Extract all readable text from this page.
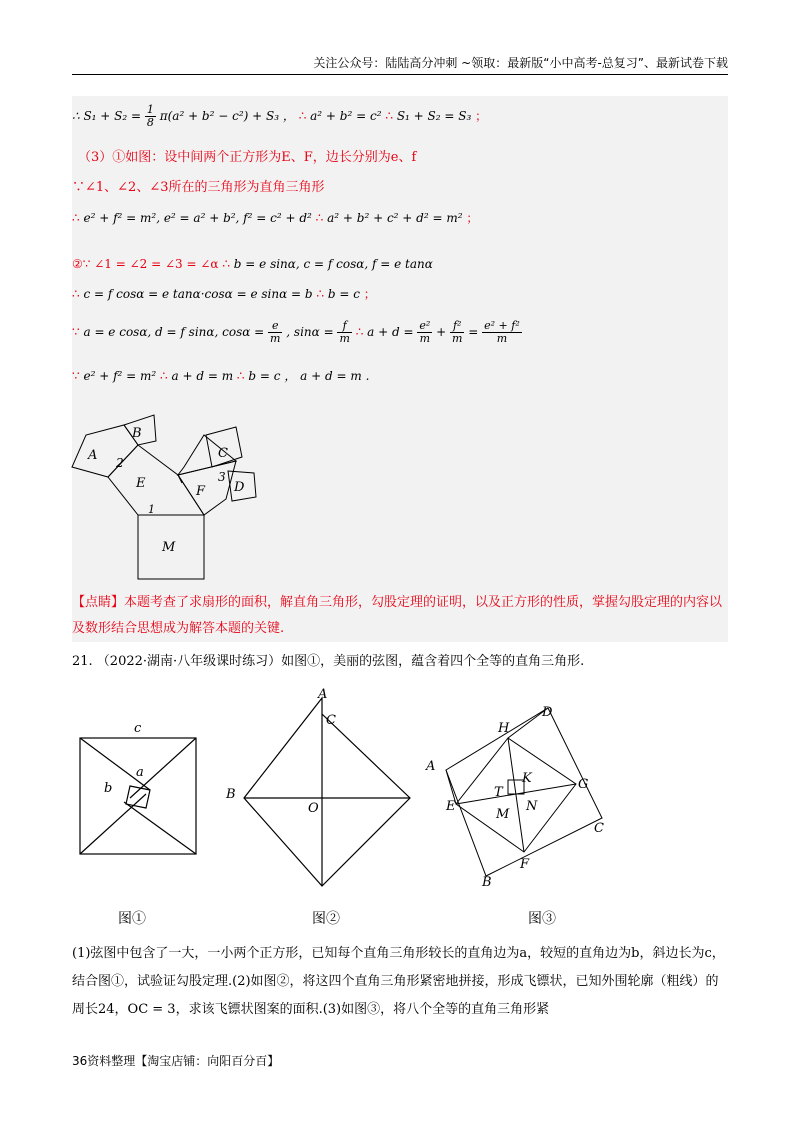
关注公众号：陆陆高分冲刺 ~领取：最新版“小中高考-总复习”、最新试卷下载
∴ $S_1 + S_2 = \frac{1}{8} \pi(a^2 + b^2 - c^2) + S_3$ ， ∴ a² + b² = c² ∴ S₁ + S₂ = S₃ ；
（3）①如图：设中间两个正方形为E、F，边长分别为e、f
∵∠1、∠2、∠3所在的三角形为直角三角形
∴ e² + f² = m², e² = a² + b², f² = c² + d² ∴ a² + b² + c² + d² = m² ；
②∵ ∠1 = ∠2 = ∠3 = ∠α ∴ b = e sinα, c = f cosα, f = e tanα
∴ c = f cosα = e tanα·cosα = e sinα = b ∴ b = c ；
∵ a = e cosα, d = f sinα, $\cos\alpha = \frac{e}{m}$ , $\sin\alpha = \frac{f}{m}$ ∴ $a + d = \frac{\text{e²}}{m} + \frac{\text{f²}}{m} = \frac{\text{e² + f²}}{m}$
∵ e² + f² = m² ∴ a + d = m ∴ b = c ， a + d = m .
A
B
2
E
C
3
D
F
1
M
【点睛】本题考查了求扇形的面积，解直角三角形，勾股定理的证明，以及正方形的性质，掌握勾股定理的内容以及数形结合思想成为解答本题的关键.
21. （2022·湖南·八年级课时练习）如图①，美丽的弦图，蕴含着四个全等的直角三角形.
c
a
b
图①
A
C
B
O
图②
A
H
D
G
C
E
F
B
K
T
N
M
图③
(1)弦图中包含了一大，一小两个正方形，已知每个直角三角形较长的直角边为a，较短的直角边为b，斜边长为c，结合图①，试验证勾股定理.(2)如图②，将这四个直角三角形紧密地拼接，形成飞镖状，已知外围轮廓（粗线）的周长24，OC = 3，求该飞镖状图案的面积.(3)如图③，将八个全等的直角三角形紧
36资料整理【淘宝店铺：向阳百分百】
